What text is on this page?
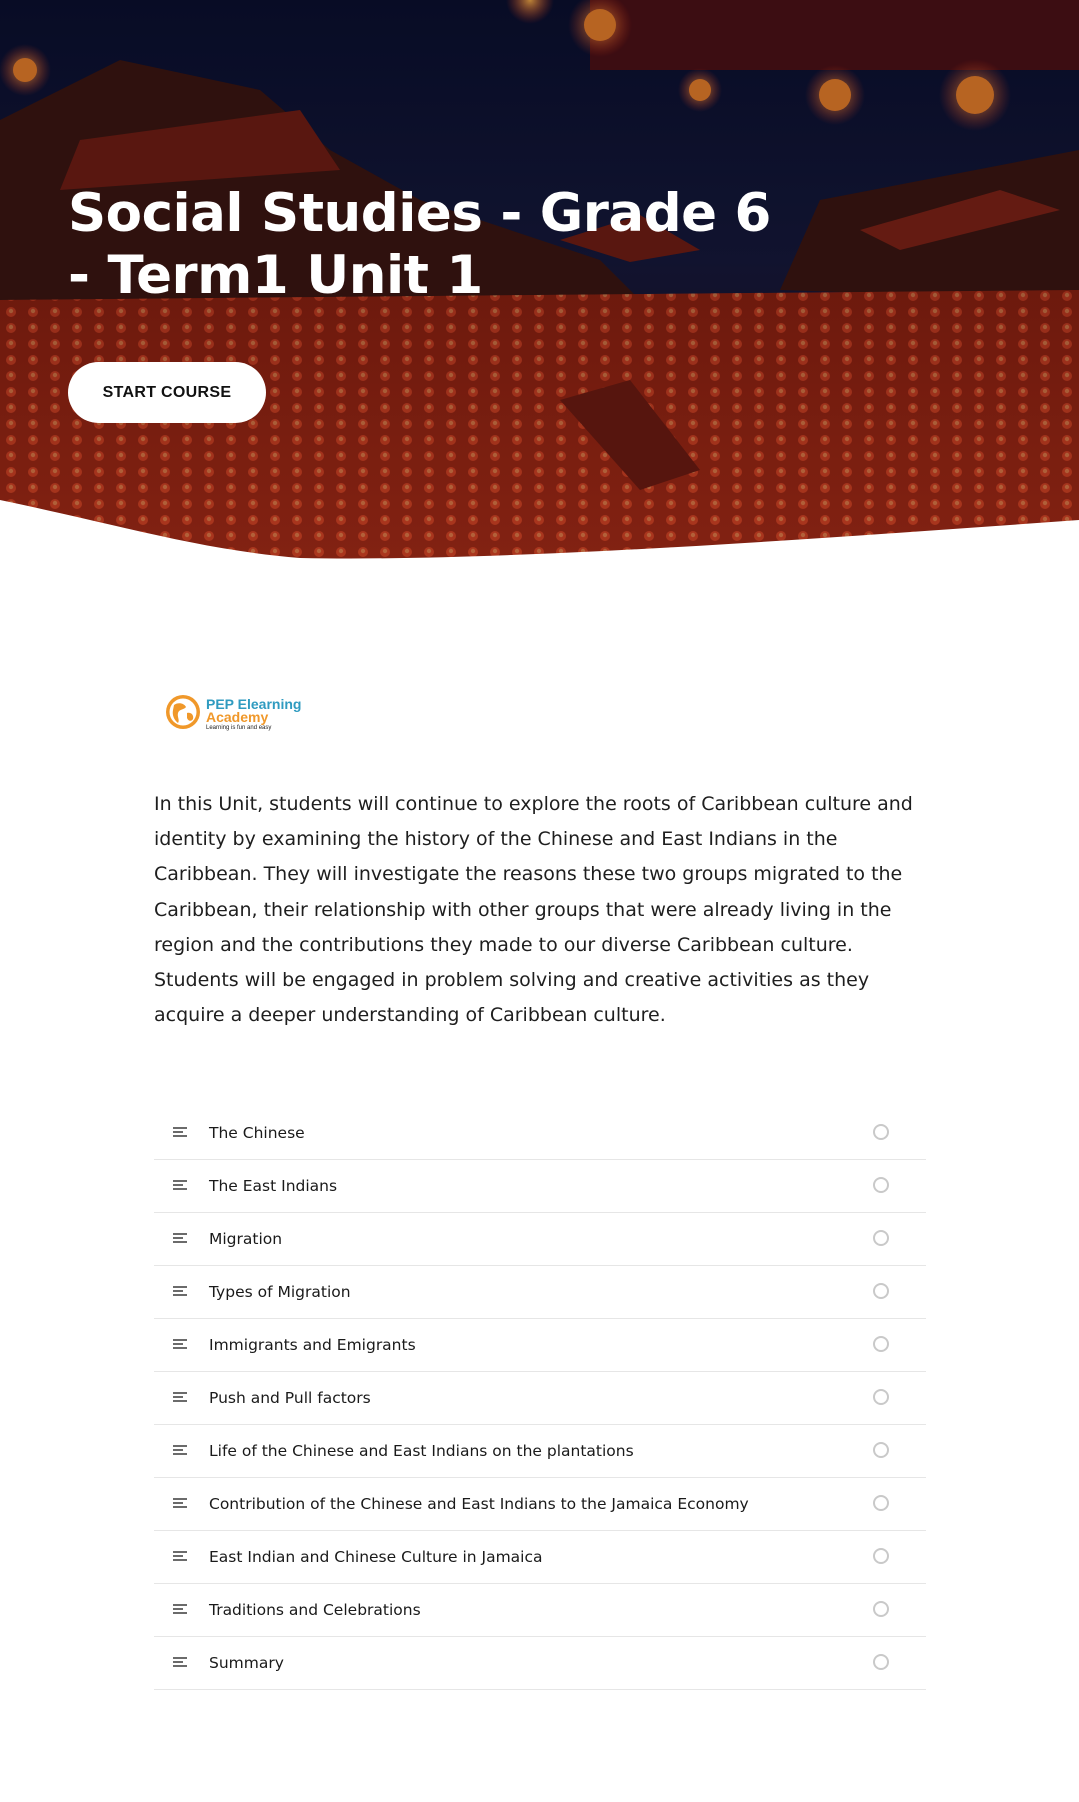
Social Studies - Grade 6 - Term1 Unit 1
START COURSE
PEP Elearning
Academy
Learning is fun and easy

In this Unit, students will continue to explore the roots of Caribbean culture and identity by examining the history of the Chinese and East Indians in the Caribbean. They will investigate the reasons these two groups migrated to the Caribbean, their relationship with other groups that were already living in the region and the contributions they made to our diverse Caribbean culture. Students will be engaged in problem solving and creative activities as they acquire a deeper understanding of Caribbean culture.

The Chinese
The East Indians
Migration
Types of Migration
Immigrants and Emigrants
Push and Pull factors
Life of the Chinese and East Indians on the plantations
Contribution of the Chinese and East Indians to the Jamaica Economy
East Indian and Chinese Culture in Jamaica
Traditions and Celebrations
Summary
